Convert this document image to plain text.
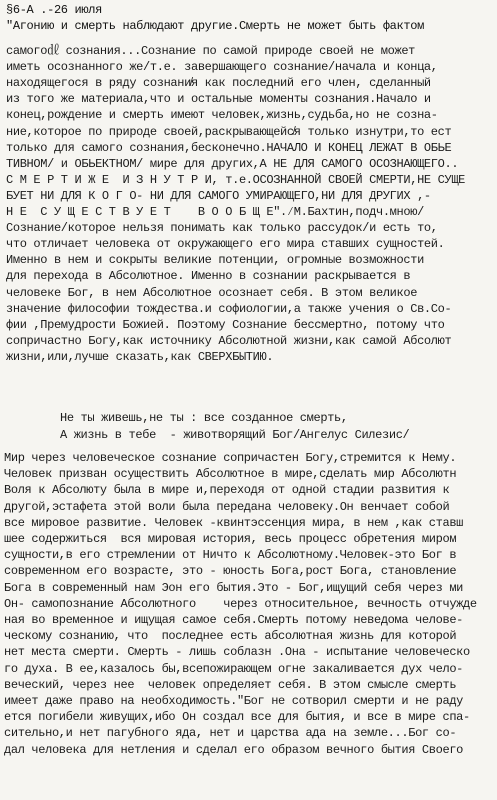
§6-А .-26 июля
"Агонию и смерть наблюдают другие.Смерть не может быть фактом
самого㎗ сознания...Сознание по самой природе своей не может
иметь осознанного же/т.е. завершающего сознание/начала и конца,
находящегося в ряду сознани̸я как последний его член, сделанный
из того же материала,что и остальные моменты сознания.Начало и
конец,рождение и смерть имеют человек,жизнь,судьба,но не созна-
ние,которое по природе своей,раскрывающейс̸я только изнутри,то ест
только для самого сознания,бесконечно.НАЧАЛО И КОНЕЦ ЛЕЖАТ В ОБЬЕ
ТИВНОМ/ и ОБЬЕКТНОМ/ мире для других,А НЕ ДЛЯ САМОГО ОСОЗНАЮЩЕГО..
С М Е Р Т И Ж Е  И З Н У Т Р И, т.е.ОСОЗНАННОЙ СВОЕЙ СМЕРТИ,НЕ СУЩЕ
БУЕТ НИ ДЛЯ К О Г О- НИ ДЛЯ САМОГО УМИРАЮЩЕГО,НИ ДЛЯ ДРУГИХ ,-
Н Е  С У Щ Е С Т В У Е Т    В О О Б Щ Е".⁄М.Бахтин,подч.мною/
Сознание/которое нельзя понимать как только рассудок/и есть то,
что отличает человека от окружающего его мира ставших сущностей.
Именно в нем и сокрыты великие потенции, огромные возможности
для перехода в Абсолютное. Именно в сознании раскрывается в
человеке Бог, в нем Абсолютное осознает себя. В этом великое
значение философии тождества.и софиологии,а также учения о Св.Со-
фии ,Премудрости Божией. Поэтому Сознание бессмертно, потому что
сопричастно Богу,как источнику Абсолютной жизни,как самой Абсолют
жизни,или,лучше сказать,как СВЕРХБЫТИЮ.
Не ты живешь,не ты : все созданное смерть,
А жизнь в тебе  - животворящий Бог/Ангелус Силезис/
Мир через человеческое сознание сопричастен Богу,стремится к Нему.
Человек призван осуществить Абсолютное в мире,сделать мир Абсолютн
Воля к Абсолюту была в мире и,переходя от одной стадии развития к
другой,эстафета этой воли была передана человеку.Он венчает собой
все мировое развитие. Человек -квинтэссенция мира, в нем ,как ставш
шее содержиться  вся мировая история, весь процесс обретения миром
сущности,в его стремлении от Ничто к Абсолютному.Человек-это Бог в
современном его возрасте, это - юность Бога,рост Бога, становление
Бога в современный нам Эон его бытия.Это - Бог,ищущий себя через ми
Он- самопознание Абсолютного    через относительное, вечность отчужде
ная во временное и ищущая самое себя.Смерть потому неведома челове-
ческому сознанию, что  последнее есть абсолютная жизнь для которой
нет места смерти. Смерть - лишь соблазн .Она - испытание человеческо
го духа. В ее,казалось бы,всепожирающем огне закаливается дух чело-
веческий, через нее  человек определяет себя. В этом смысле смерть
имеет даже право на необходимость."Бог не сотворил смерти и не раду
ется погибели живущих,ибо Он создал все для бытия, и все в мире спа-
сительно,и нет пагубного яда, нет и царства ада на земле...Бог со-
дал человека для нетления и сделал его образом вечного бытия Своего
